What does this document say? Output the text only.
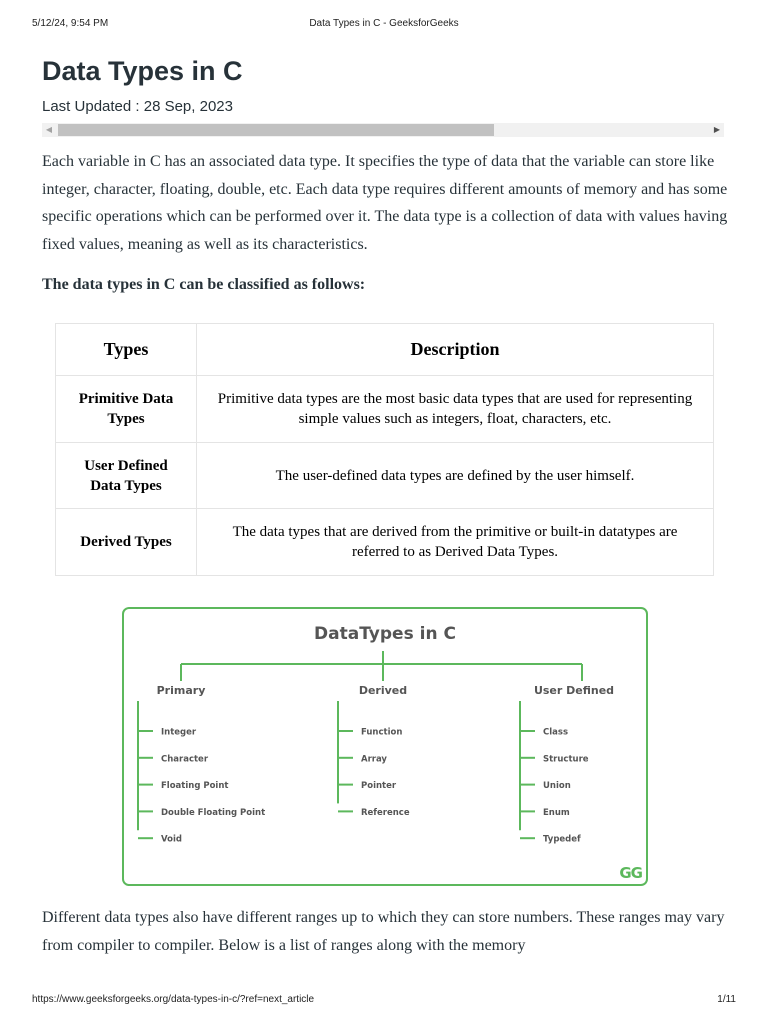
5/12/24, 9:54 PM	Data Types in C - GeeksforGeeks
Data Types in C
Last Updated : 28 Sep, 2023
◀	▶

Each variable in C has an associated data type. It specifies the type of data that the variable can store like integer, character, floating, double, etc. Each data type requires different amounts of memory and has some specific operations which can be performed over it. The data type is a collection of data with values having fixed values, meaning as well as its characteristics.

The data types in C can be classified as follows:

Types	Description
Primitive Data Types	Primitive data types are the most basic data types that are used for representing simple values such as integers, float, characters, etc.
User Defined Data Types	The user-defined data types are defined by the user himself.
Derived Types	The data types that are derived from the primitive or built-in datatypes are referred to as Derived Data Types.
DataTypes in C
Primary
Integer
Character
Floating Point
Double Floating Point
Void
Derived
Function
Array
Pointer
Reference
User Defined
Class
Structure
Union
Enum
Typedef
GG

Different data types also have different ranges up to which they can store numbers. These ranges may vary from compiler to compiler. Below is a list of ranges along with the memory

https://www.geeksforgeeks.org/data-types-in-c/?ref=next_article	1/11
